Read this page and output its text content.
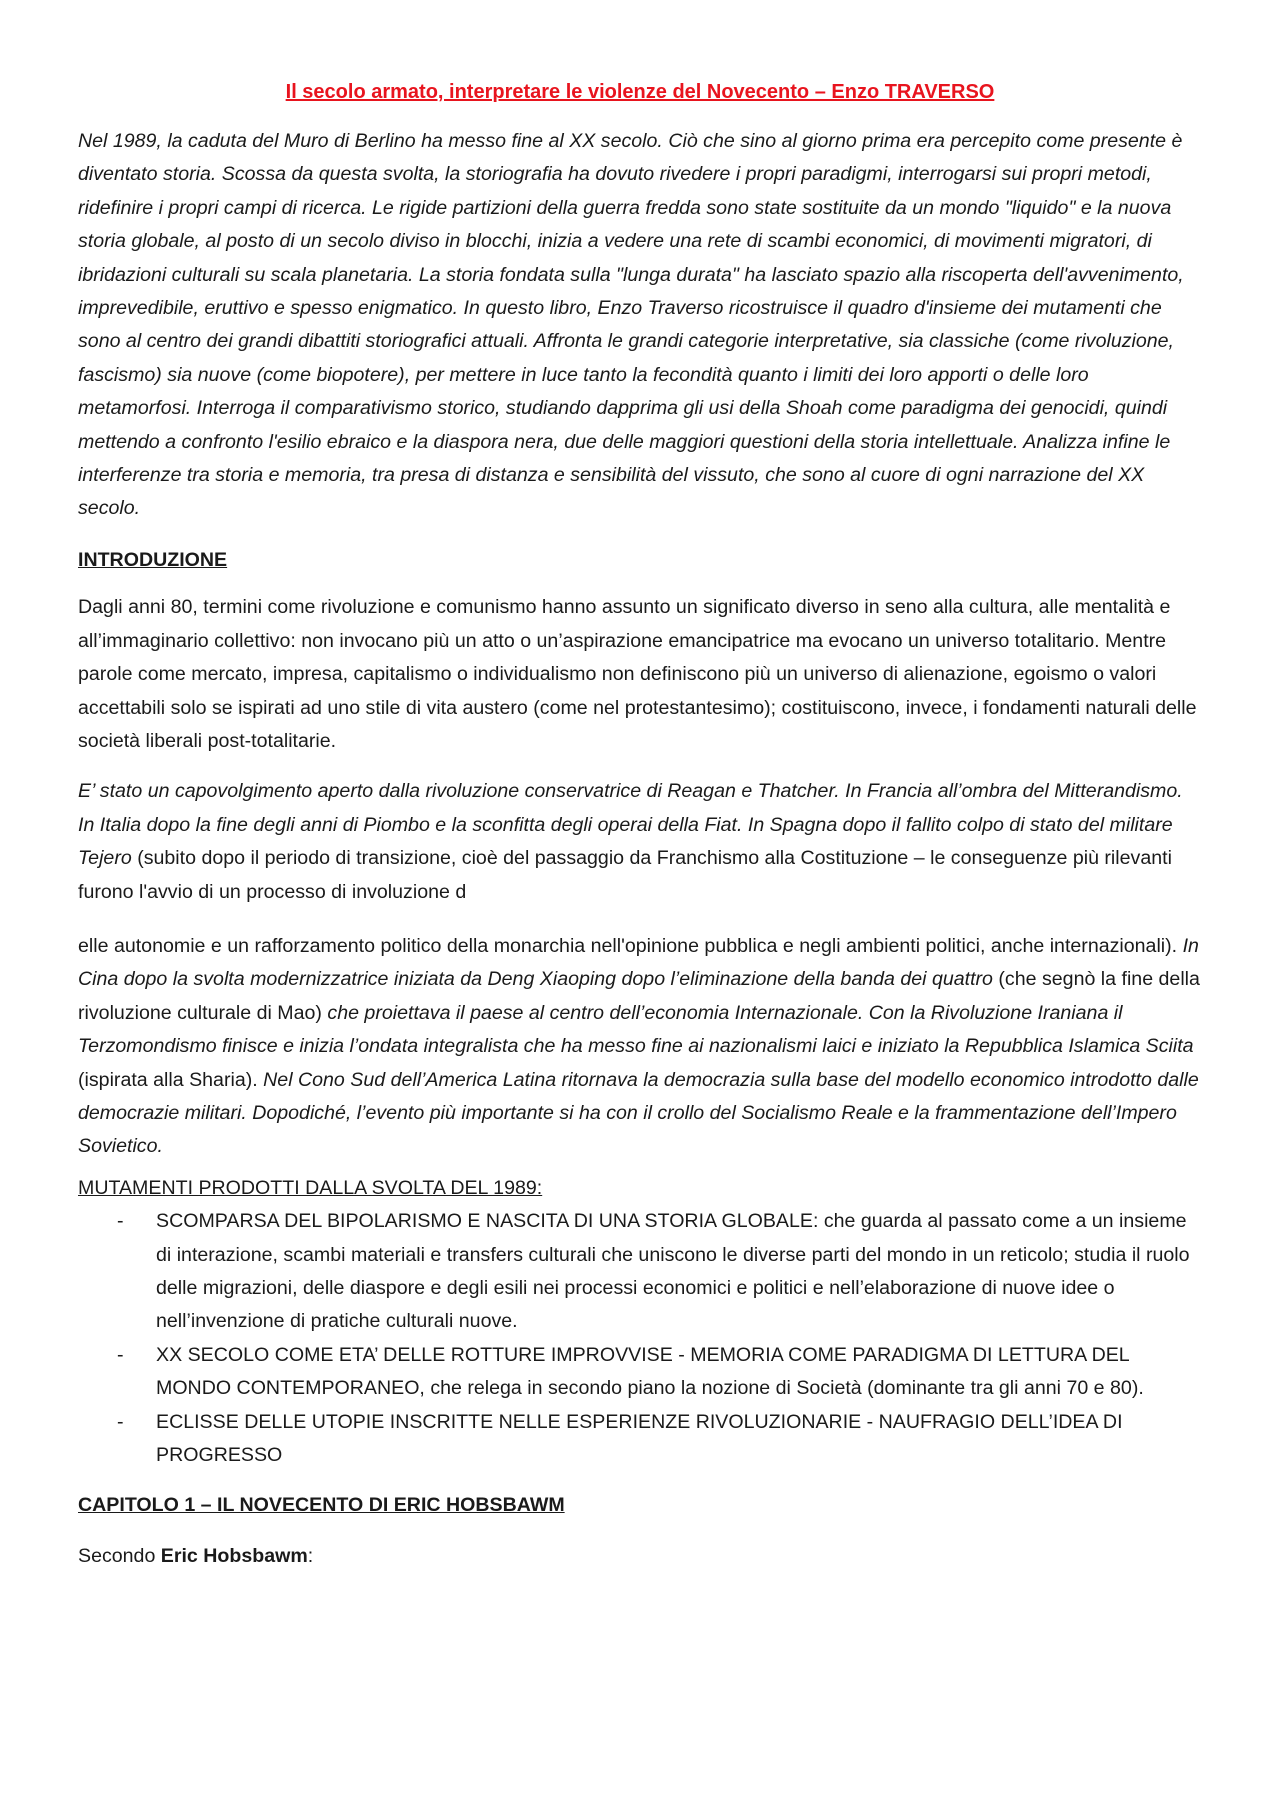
Il secolo armato, interpretare le violenze del Novecento – Enzo TRAVERSO

Nel 1989, la caduta del Muro di Berlino ha messo fine al XX secolo. Ciò che sino al giorno prima era percepito come presente è diventato storia. Scossa da questa svolta, la storiografia ha dovuto rivedere i propri paradigmi, interrogarsi sui propri metodi, ridefinire i propri campi di ricerca. Le rigide partizioni della guerra fredda sono state sostituite da un mondo "liquido" e la nuova storia globale, al posto di un secolo diviso in blocchi, inizia a vedere una rete di scambi economici, di movimenti migratori, di ibridazioni culturali su scala planetaria. La storia fondata sulla "lunga durata" ha lasciato spazio alla riscoperta dell'avvenimento, imprevedibile, eruttivo e spesso enigmatico. In questo libro, Enzo Traverso ricostruisce il quadro d'insieme dei mutamenti che sono al centro dei grandi dibattiti storiografici attuali. Affronta le grandi categorie interpretative, sia classiche (come rivoluzione, fascismo) sia nuove (come biopotere), per mettere in luce tanto la fecondità quanto i limiti dei loro apporti o delle loro metamorfosi. Interroga il comparativismo storico, studiando dapprima gli usi della Shoah come paradigma dei genocidi, quindi mettendo a confronto l'esilio ebraico e la diaspora nera, due delle maggiori questioni della storia intellettuale. Analizza infine le interferenze tra storia e memoria, tra presa di distanza e sensibilità del vissuto, che sono al cuore di ogni narrazione del XX secolo.

INTRODUZIONE

Dagli anni 80, termini come rivoluzione e comunismo hanno assunto un significato diverso in seno alla cultura, alle mentalità e all’immaginario collettivo: non invocano più un atto o un’aspirazione emancipatrice ma evocano un universo totalitario. Mentre parole come mercato, impresa, capitalismo o individualismo non definiscono più un universo di alienazione, egoismo o valori accettabili solo se ispirati ad uno stile di vita austero (come nel protestantesimo); costituiscono, invece, i fondamenti naturali delle società liberali post-totalitarie.

E’ stato un capovolgimento aperto dalla rivoluzione conservatrice di Reagan e Thatcher. In Francia all’ombra del Mitterandismo. In Italia dopo la fine degli anni di Piombo e la sconfitta degli operai della Fiat. In Spagna dopo il fallito colpo di stato del militare Tejero (subito dopo il periodo di transizione, cioè del passaggio da Franchismo alla Costituzione – le conseguenze più rilevanti furono l'avvio di un processo di involuzione d

elle autonomie e un rafforzamento politico della monarchia nell'opinione pubblica e negli ambienti politici, anche internazionali). In Cina dopo la svolta modernizzatrice iniziata da Deng Xiaoping dopo l’eliminazione della banda dei quattro (che segnò la fine della rivoluzione culturale di Mao) che proiettava il paese al centro dell’economia Internazionale. Con la Rivoluzione Iraniana il Terzomondismo finisce e inizia l’ondata integralista che ha messo fine ai nazionalismi laici e iniziato la Repubblica Islamica Sciita (ispirata alla Sharia). Nel Cono Sud dell’America Latina ritornava la democrazia sulla base del modello economico introdotto dalle democrazie militari. Dopodiché, l’evento più importante si ha con il crollo del Socialismo Reale e la frammentazione dell’Impero Sovietico.

MUTAMENTI PRODOTTI DALLA SVOLTA DEL 1989:

- SCOMPARSA DEL BIPOLARISMO E NASCITA DI UNA STORIA GLOBALE: che guarda al passato come a un insieme di interazione, scambi materiali e transfers culturali che uniscono le diverse parti del mondo in un reticolo; studia il ruolo delle migrazioni, delle diaspore e degli esili nei processi economici e politici e nell’elaborazione di nuove idee o nell’invenzione di pratiche culturali nuove.
- XX SECOLO COME ETA’ DELLE ROTTURE IMPROVVISE - MEMORIA COME PARADIGMA DI LETTURA DEL MONDO CONTEMPORANEO, che relega in secondo piano la nozione di Società (dominante tra gli anni 70 e 80).
- ECLISSE DELLE UTOPIE INSCRITTE NELLE ESPERIENZE RIVOLUZIONARIE - NAUFRAGIO DELL’IDEA DI PROGRESSO

CAPITOLO 1 – IL NOVECENTO DI ERIC HOBSBAWM

Secondo Eric Hobsbawm:
